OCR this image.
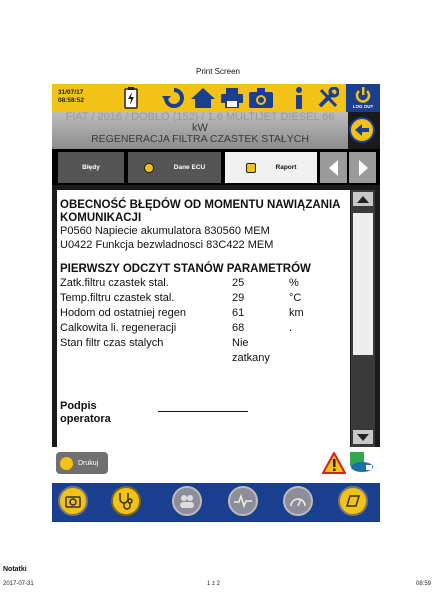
Print Screen
31/07/17
08:58:52
LOG OUT
FIAT / 2016 / DOBLO (152) / 1.6 MULTIJET DIESEL 66
kW
REGENERACJA FILTRA CZASTEK STAŁYCH
Błędy	Dane ECU	Raport
OBECNOŚĆ BŁĘDÓW OD MOMENTU NAWIĄZANIA KOMUNIKACJI
P0560 Napiecie akumulatora 830560 MEM
U0422 Funkcja bezwladnosci 83C422 MEM
PIERWSZY ODCZYT STANÓW PARAMETRÓW
Zatk.filtru czastek stal.	25	%
Temp.filtru czastek stal.	29	°C
Hodom od ostatniej regen	61	km
Calkowita li. regeneracji	68	.
Stan filtr czas stalych	Nie zatkany
Podpis operatora
Drukuj
Notatki
2017-07-31	1 z 2	08:59
